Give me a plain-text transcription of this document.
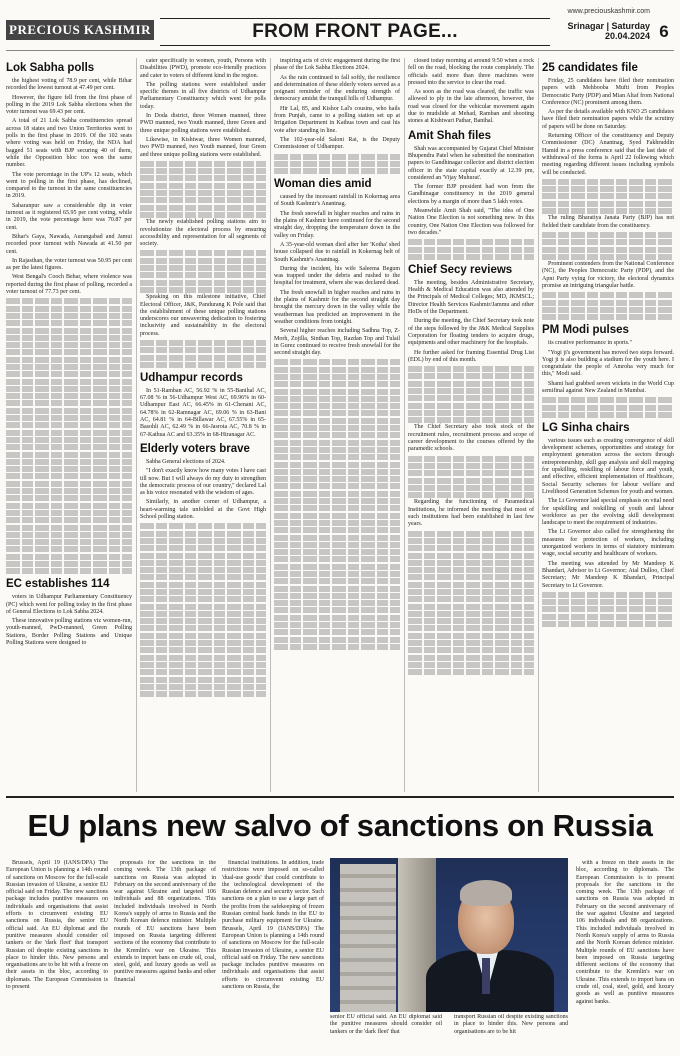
PRECIOUS KASHMIR	FROM FRONT PAGE...
www.preciouskashmir.com
Srinagar | Saturday
20.04.2024 6
Lok Sabha polls

the highest voting of 78.9 per cent, while Bihar recorded the lowest turnout at 47.49 per cent.

However, the figure fell from the first phase of polling in the 2019 Lok Sabha elections when the voter turnout was 69.43 per cent.

A total of 21 Lok Sabha constituencies spread across 18 states and two Union Territories went to polls in the first phase in 2019. Of the 102 seats where voting was held on Friday, the NDA had bagged 51 seats with BJP securing 40 of them, while the Opposition bloc too won the same number.

The vote percentage in the UP's 12 seats, which went to polling in the first phase, has declined, compared to the turnout in the same constituencies in 2019.

Saharanpur saw a considerable dip in voter turnout as it registered 65.95 per cent voting, while in 2019, the vote percentage here was 70.87 per cent.

Bihar's Gaya, Nawada, Aurangabad and Jamui recorded poor turnout with Nawada at 41.50 per cent.

In Rajasthan, the voter turnout was 50.95 per cent as per the latest figures.

West Bengal's Cooch Behar, where violence was reported during the first phase of polling, recorded a voter turnout of 77.73 per cent.

EC establishes 114

voters in Udhampur Parliamentary Constituency (PC) which went for polling today in the first phase of General Elections to Lok Sabha 2024.

These innovative polling stations viz women-run, youth-manned, PwD-manned, Green Polling Stations, Border Polling Stations and Unique Polling Stations were designed to

cater specifically to women, youth, Persons with Disabilities (PWD), promote eco-friendly practices and cater to voters of different kind in the region.

The polling stations were established under specific themes in all five districts of Udhampur Parliamentary Constituency which went for polls today.

In Doda district, three Women manned, three PWD manned, two Youth manned, three Green and three unique polling stations were established.

Likewise, in Kishtwar, three Women manned, two PWD manned, two Youth manned, four Green and three unique polling stations were established.

The newly established polling stations aim to revolutionize the electoral process by ensuring accessibility and representation for all segments of society.

Speaking on this milestone initiative, Chief Electoral Officer, J&K, Pandurang K Pole said that the establishment of these unique polling stations underscores our unwavering dedication to fostering inclusivity and sustainability in the electoral process.

Udhampur records

In 51-Ramban AC, 56.92 % in 55-Banihal AC, 67.08 % in 56-Udhampur West AC, 69.96% in 60-Udhampur East AC, 66.45% in 61-Chenani AC, 64.78% in 62-Ramnagar AC, 69.06 % in 63-Bani AC, 64.81 % in 64-Billawar AC, 67.55% in 65-Basohli AC, 62.49 % in 66-Jasrota AC, 70.8 % in 67-Kathua AC and 63.35% in 68-Hiranagar AC.

Elderly voters brave

Sabha General elections of 2024.

"I don't exactly know how many votes I have cast till now. But I will always do my duty to strengthen the democratic process of our country," declared Lal as his voice resonated with the wisdom of ages.

Similarly, in another corner of Udhampur, a heart-warming tale unfolded at the Govt High School polling station.

inspiring acts of civic engagement during the first phase of the Lok Sabha Elections 2024.

As the rain continued to fall softly, the resilience and determination of these elderly voters served as a poignant reminder of the enduring strength of democracy amidst the tranquil hills of Udhampur.

Hir Lal, 85, and Kishor Lal's cousins, who hails from Punjab, came to a polling station set up at Irrigation Department in Kathua town and cast his vote after standing in line.

The 102-year-old Saloni Rai, is the Deputy Commissioner of Udhampur.

Woman dies amid

caused by the incessant rainfall in Kokernag area of South Kashmir's Anantnag.

The fresh snowfall in higher reaches and rains in the plains of Kashmir have continued for the second straight day, dropping the temperature down in the valley on Friday.

A 35-year-old woman died after her 'Kotha' shed house collapsed due to rainfall in Kokernag belt of South Kashmir's Anantnag.

During the incident, his wife Saleema Begum was trapped under the debris and rushed to the hospital for treatment, where she was declared dead.

The fresh snowfall in higher reaches and rains in the plains of Kashmir for the second straight day brought the mercury down in the valley while the weatherman has predicted an improvement in the weather conditions from tonight.

Several higher reaches including Sadhna Top, Z-Morh, Zojilla, Sinthan Top, Razdan Top and Tulail in Gurez continued to receive fresh snowfall for the second straight day.

closed today morning at around 9:50 when a rock fell on the road, blocking the route completely. The officials said more than three machines were pressed into the service to clear the road.

As soon as the road was cleared, the traffic was allowed to ply in the late afternoon, however, the road was closed for the vehicular movement again due to mudslide at Mehad, Ramban and shooting stones at Kishtwari Pathar, Banihal.

Amit Shah files

Shah was accompanied by Gujarat Chief Minister Bhupendra Patel when he submitted the nomination papers to Gandhinagar collector and district election officer in the state capital exactly at 12.39 pm, considered an 'Vijay Muhurat'.

The former BJP president had won from the Gandhinagar constituency in the 2019 general elections by a margin of more than 5 lakh votes.

Meanwhile Amit Shah said, "The idea of One Nation One Election is not something new. In this country, One Nation One Election was followed for two decades."

Chief Secy reviews

The meeting, besides Administrative Secretary, Health & Medical Education was also attended by the Principals of Medical Colleges; MD, JKMSCL; Director Health Services Kashmir/Jammu and other HoDs of the Department.

During the meeting, the Chief Secretary took note of the steps followed by the J&K Medical Supplies Corporation for floating tenders to acquire drugs, equipments and other machinery for the hospitals.

He further asked for framing Essential Drug List (EDL) by end of this month.

The Chief Secretary also took stock of the recruitment rules, recruitment process and scope of career development to the courses offered by the paramedic schools.

Regarding the functioning of Paramedical Institutions, he informed the meeting that most of such institutions had been established in last few years.

25 candidates file

Friday, 25 candidates have filed their nomination papers with Mehbooba Mufti from Peoples Democratic Party (PDP) and Mian Altaf from National Conference (NC) prominent among them.

As per the details available with KNO 25 candidates have filed their nomination papers while the scrutiny of papers will be done on Saturday.

Returning Officer of the constituency and Deputy Commissioner (DC) Anantnag, Syed Fakhruddin Hamid in a press conference said that the last date of withdrawal of the forms is April 22 following which meeting regarding different issues including symbols will be conducted.

The ruling Bharatiya Janata Party (BJP) has not fielded their candidate from the constituency.

Prominent contenders from the National Conference (NC), the Peoples Democratic Party (PDP), and the Apni Party vying for victory, the electoral dynamics promise an intriguing triangular battle.

PM Modi pulses

its creative performance in sports."

"Yogi ji's government has moved two steps forward. Yogi ji is also building a stadium for the youth here. I congratulate the people of Amroha very much for this," Modi said.

Shami had grabbed seven wickets in the World Cup semifinal against New Zealand in Mumbai.

LG Sinha chairs

various issues such as creating convergence of skill development schemes, opportunities and strategy for employment generation across the sectors through entrepreneurship, skill gap analysis and skill mapping for upskilling, reskilling of labour force and youth, and effective, efficient implementation of Healthcare, Social Security schemes for labour welfare and Livelihood Generation Schemes for youth and women.

The Lt Governor laid special emphasis on vital need for upskilling and reskilling of youth and labour workforce as per the evolving skill development landscape to meet the requirement of industries.

The Lt Governor also called for strengthening the measures for protection of workers, including unorganized workers in terms of statutory minimum wage, social security and healthcare of workers.

The meeting was attended by Mr Mandeep K Bhandari, Advisor to Lt Governor; Atal Dulloo, Chief Secretary; Mr Mandeep K Bhandari, Principal Secretary to Lt Governor.

EU plans new salvo of sanctions on Russia

Brussels, April 19 (IANS/DPA) The European Union is planning a 14th round of sanctions on Moscow for the full-scale Russian invasion of Ukraine, a senior EU official said on Friday. The new sanctions package includes punitive measures on individuals and organisations that assist efforts to circumvent existing EU sanctions on Russia, the senior EU official said. An EU diplomat and the punitive measures should consider oil tankers or the 'dark fleet' that transport Russian oil despite existing sanctions in place to hinder this. New persons and organisations are to be hit with a freeze on their assets in the bloc, according to diplomats. The European Commission is to present

proposals for the sanctions in the coming week. The 13th package of sanctions on Russia was adopted in February on the second anniversary of the war against Ukraine and targeted 106 individuals and 88 organizations. This included individuals involved in North Korea's supply of arms to Russia and the North Korean defence minister. Multiple rounds of EU sanctions have been imposed on Russia targeting different sections of the economy that contribute to the Kremlin's war on Ukraine. This extends to import bans on crude oil, coal, steel, gold, and luxury goods as well as punitive measures against banks and other financial

financial institutions. In addition, trade restrictions were imposed on so-called 'dual-use goods' that could contribute to the technological development of the Russian defence and security sector. Such sanctions on a plan to use a large part of the profits from the safekeeping of frozen Russian central bank funds in the EU to purchase military equipment for Ukraine. Brussels, April 19 (IANS/DPA) The European Union is planning a 14th round of sanctions on Moscow for the full-scale Russian invasion of Ukraine, a senior EU official said on Friday. The new sanctions package includes punitive measures on individuals and organisations that assist efforts to circumvent existing EU sanctions on Russia, the

senior EU official said. An EU diplomat said the punitive measures should consider oil tankers or the 'dark fleet' that

transport Russian oil despite existing sanctions in place to hinder this. New persons and organisations are to be hit

with a freeze on their assets in the bloc, according to diplomats. The European Commission is to present proposals for the sanctions in the coming week. The 13th package of sanctions on Russia was adopted in February on the second anniversary of the war against Ukraine and targeted 106 individuals and 88 organizations. This included individuals involved in North Korea's supply of arms to Russia and the North Korean defence minister. Multiple rounds of EU sanctions have been imposed on Russia targeting different sections of the economy that contribute to the Kremlin's war on Ukraine. This extends to import bans on crude oil, coal, steel, gold, and luxury goods as well as punitive measures against banks.
